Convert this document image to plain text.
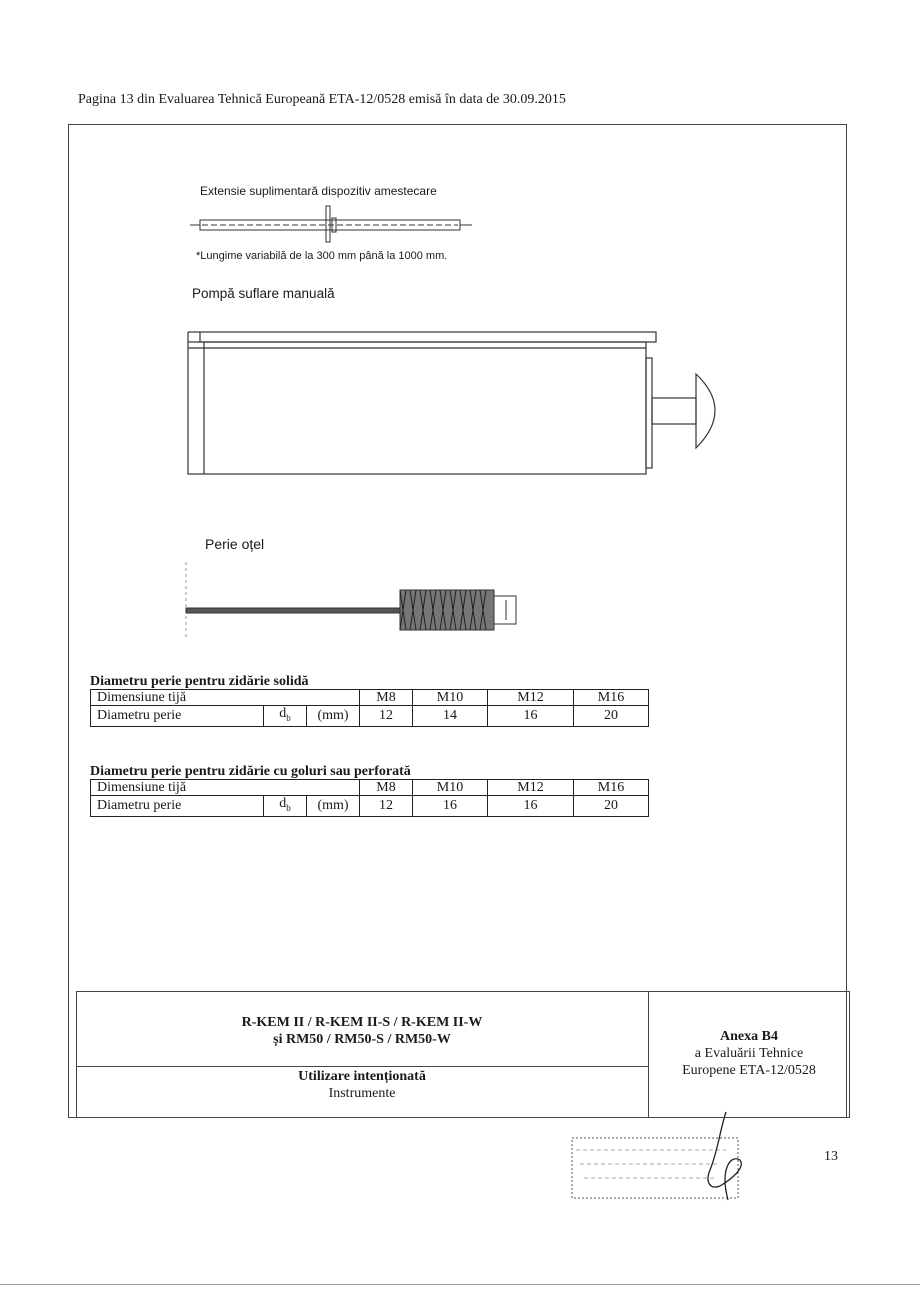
Pagina 13 din Evaluarea Tehnică Europeană ETA-12/0528 emisă în data de 30.09.2015
Extensie suplimentară dispozitiv amestecare
*Lungime variabilă de la 300 mm până la 1000 mm.
Pompă suflare manuală
Perie oțel
Diametru perie pentru zidărie solidă
Dimensiune tijă			M8	M10	M12	M16
Diametru perie	$d_b$	(mm)	12	14	16	20
Diametru perie pentru zidărie cu goluri sau perforată
Dimensiune tijă			M8	M10	M12	M16
Diametru perie	$d_b$	(mm)	12	16	16	20
R-KEM II / R-KEM II-S / R-KEM II-W
și RM50 / RM50-S / RM50-W
Utilizare intenționată
Instrumente
Anexa B4
a Evaluării Tehnice
Europene ETA-12/0528
13
